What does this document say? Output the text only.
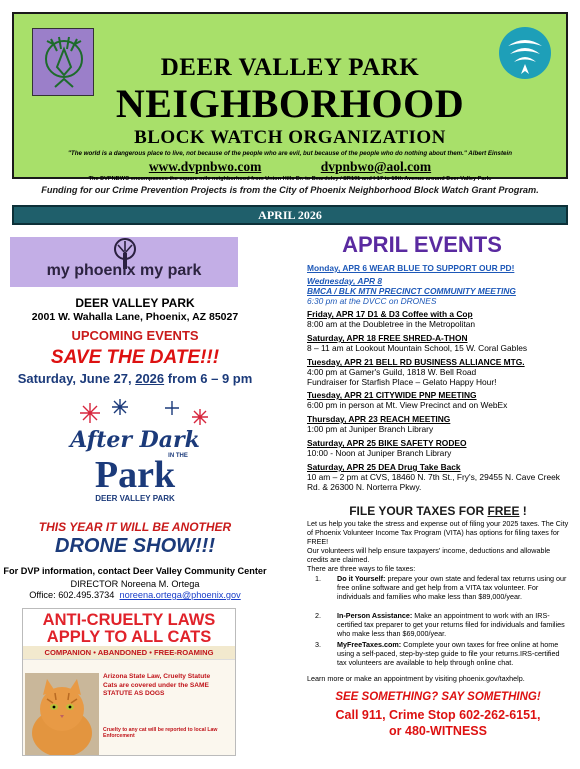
DEER VALLEY PARK
NEIGHBORHOOD
BLOCK WATCH ORGANIZATION
"The world is a dangerous place to live, not because of the people who are evil, but because of the people who do nothing about them." Albert Einstein
www.dvpnbwo.com	dvpnbwo@aol.com
The DVPNBWO encompasses the square mile neighborhood from Union Hills Dr. to Beardsley / SR101 and I-17 to 19th Avenue around Deer Valley Park.
Funding for our Crime Prevention Projects is from the City of Phoenix Neighborhood Block Watch Grant Program.
APRIL 2026
my phoenix my park
DEER VALLEY PARK
2001 W. Wahalla Lane, Phoenix, AZ 85027
UPCOMING EVENTS
SAVE THE DATE!!!
Saturday, June 27, 2026 from 6 – 9 pm
After Dark
IN THE
Park
DEER VALLEY PARK
THIS YEAR IT WILL BE ANOTHER
DRONE SHOW!!!
For DVP information, contact Deer Valley Community Center
DIRECTOR Noreena M. Ortega
Office: 602.495.3734 noreena.ortega@phoenix.gov
ANTI-CRUELTY LAWS
APPLY TO ALL CATS
COMPANION • ABANDONED • FREE-ROAMING
Arizona State Law, Cruelty Statute
Cats are covered under the SAME STATUTE AS DOGS
Cruelty to any cat will be reported to local Law Enforcement
APRIL EVENTS
Monday, APR 6 WEAR BLUE TO SUPPORT OUR PD!
Wednesday, APR 8
BMCA / BLK MTN PRECINCT COMMUNITY MEETING
6:30 pm at the DVCC on DRONES
Friday, APR 17 D1 & D3 Coffee with a Cop
8:00 am at the Doubletree in the Metropolitan
Saturday, APR 18 FREE SHRED-A-THON
8 – 11 am at Lookout Mountain School, 15 W. Coral Gables
Tuesday, APR 21 BELL RD BUSINESS ALLIANCE MTG.
4:00 pm at Gamer's Guild, 1818 W. Bell Road
Fundraiser for Starfish Place – Gelato Happy Hour!
Tuesday, APR 21 CITYWIDE PNP MEETING
6:00 pm in person at Mt. View Precinct and on WebEx
Thursday, APR 23 REACH MEETING
1:00 pm at Juniper Branch Library
Saturday, APR 25 BIKE SAFETY RODEO
10:00 - Noon at Juniper Branch Library
Saturday, APR 25 DEA Drug Take Back
10 am – 2 pm at CVS, 18460 N. 7th St., Fry's, 29455 N. Cave Creek
Rd. & 26300 N. Norterra Pkwy.
FILE YOUR TAXES FOR FREE !
Let us help you take the stress and expense out of filing your 2025 taxes. The City of Phoenix Volunteer Income Tax Program (VITA) has options for filing taxes for FREE!
Our volunteers will help ensure taxpayers' income, deductions and allowable credits are claimed.
There are three ways to file taxes:
1. Do it Yourself: prepare your own state and federal tax returns using our free online software and get help from a VITA tax volunteer. For individuals and families who make less than $89,000/year.
2. In-Person Assistance: Make an appointment to work with an IRS-certified tax preparer to get your returns filed for individuals and families who make less than $69,000/year.
3. MyFreeTaxes.com: Complete your own taxes for free online at home using a self-paced, step-by-step guide to file your returns.IRS-certified tax volunteers are available to help through online chat.
Learn more or make an appointment by visiting phoenix.gov/taxhelp.
SEE SOMETHING? SAY SOMETHING!
Call 911, Crime Stop 602-262-6151,
or 480-WITNESS
